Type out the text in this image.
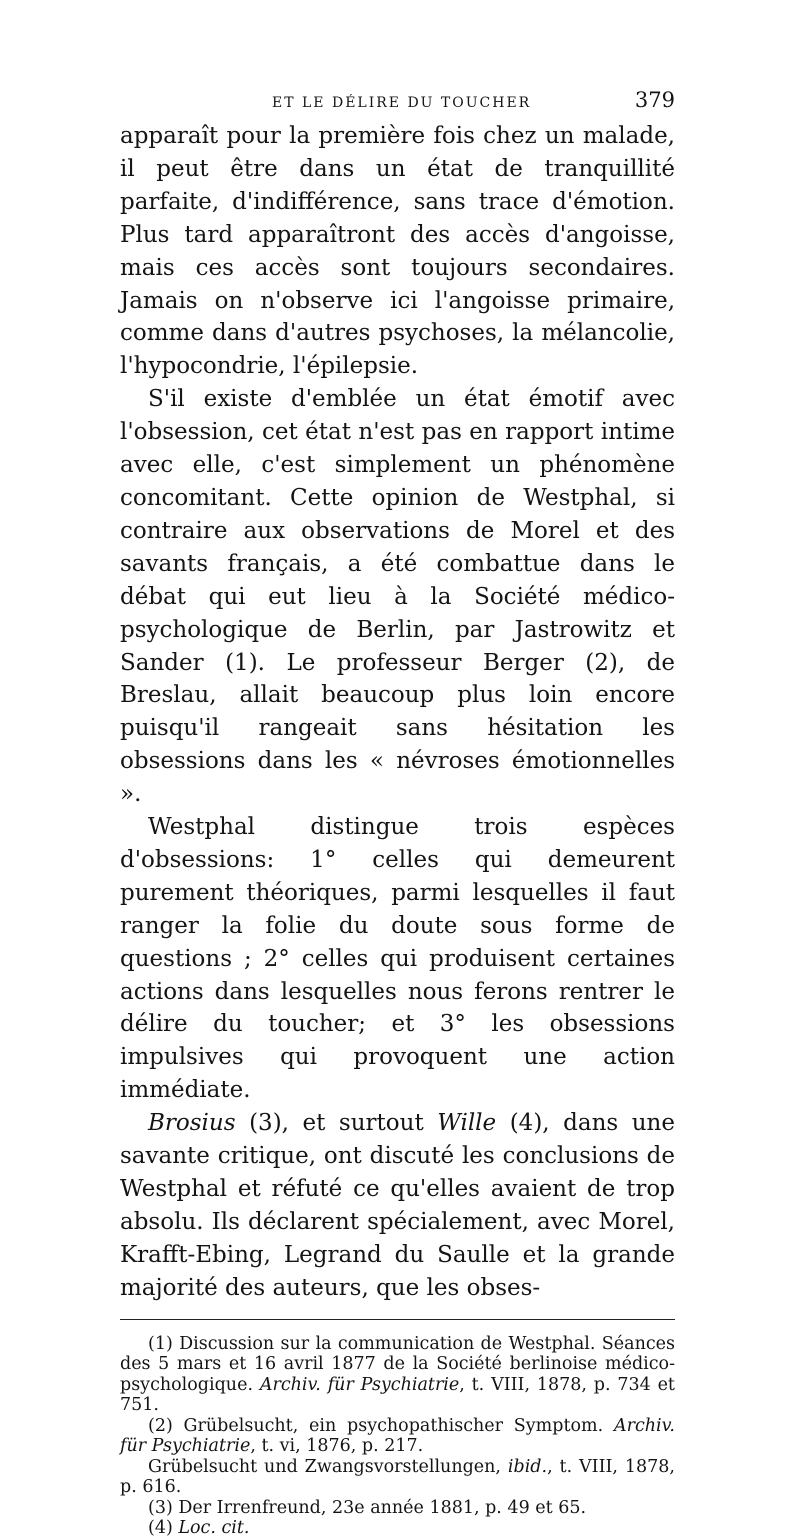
ET LE DÉLIRE DU TOUCHER	379

apparaît pour la première fois chez un malade, il peut être dans un état de tranquillité parfaite, d'indifférence, sans trace d'émotion. Plus tard apparaîtront des accès d'angoisse, mais ces accès sont toujours secondaires. Jamais on n'observe ici l'angoisse primaire, comme dans d'autres psychoses, la mélancolie, l'hypocondrie, l'épilepsie.

S'il existe d'emblée un état émotif avec l'obsession, cet état n'est pas en rapport intime avec elle, c'est simplement un phénomène concomitant. Cette opinion de Westphal, si contraire aux observations de Morel et des savants français, a été combattue dans le débat qui eut lieu à la Société médico-psychologique de Berlin, par Jastrowitz et Sander (1). Le professeur Berger (2), de Breslau, allait beaucoup plus loin encore puisqu'il rangeait sans hésitation les obsessions dans les « névroses émotionnelles ».

Westphal distingue trois espèces d'obsessions: 1° celles qui demeurent purement théoriques, parmi lesquelles il faut ranger la folie du doute sous forme de questions ; 2° celles qui produisent certaines actions dans lesquelles nous ferons rentrer le délire du toucher; et 3° les obsessions impulsives qui provoquent une action immédiate.

Brosius (3), et surtout Wille (4), dans une savante critique, ont discuté les conclusions de Westphal et réfuté ce qu'elles avaient de trop absolu. Ils déclarent spécialement, avec Morel, Krafft-Ebing, Legrand du Saulle et la grande majorité des auteurs, que les obses-

(1) Discussion sur la communication de Westphal. Séances des 5 mars et 16 avril 1877 de la Société berlinoise médico-psychologique. Archiv. für Psychiatrie, t. VIII, 1878, p. 734 et 751.

(2) Grübelsucht, ein psychopathischer Symptom. Archiv. für Psychiatrie, t. vi, 1876, p. 217.

Grübelsucht und Zwangsvorstellungen, ibid., t. VIII, 1878, p. 616.

(3) Der Irrenfreund, 23e année 1881, p. 49 et 65.

(4) Loc. cit.
